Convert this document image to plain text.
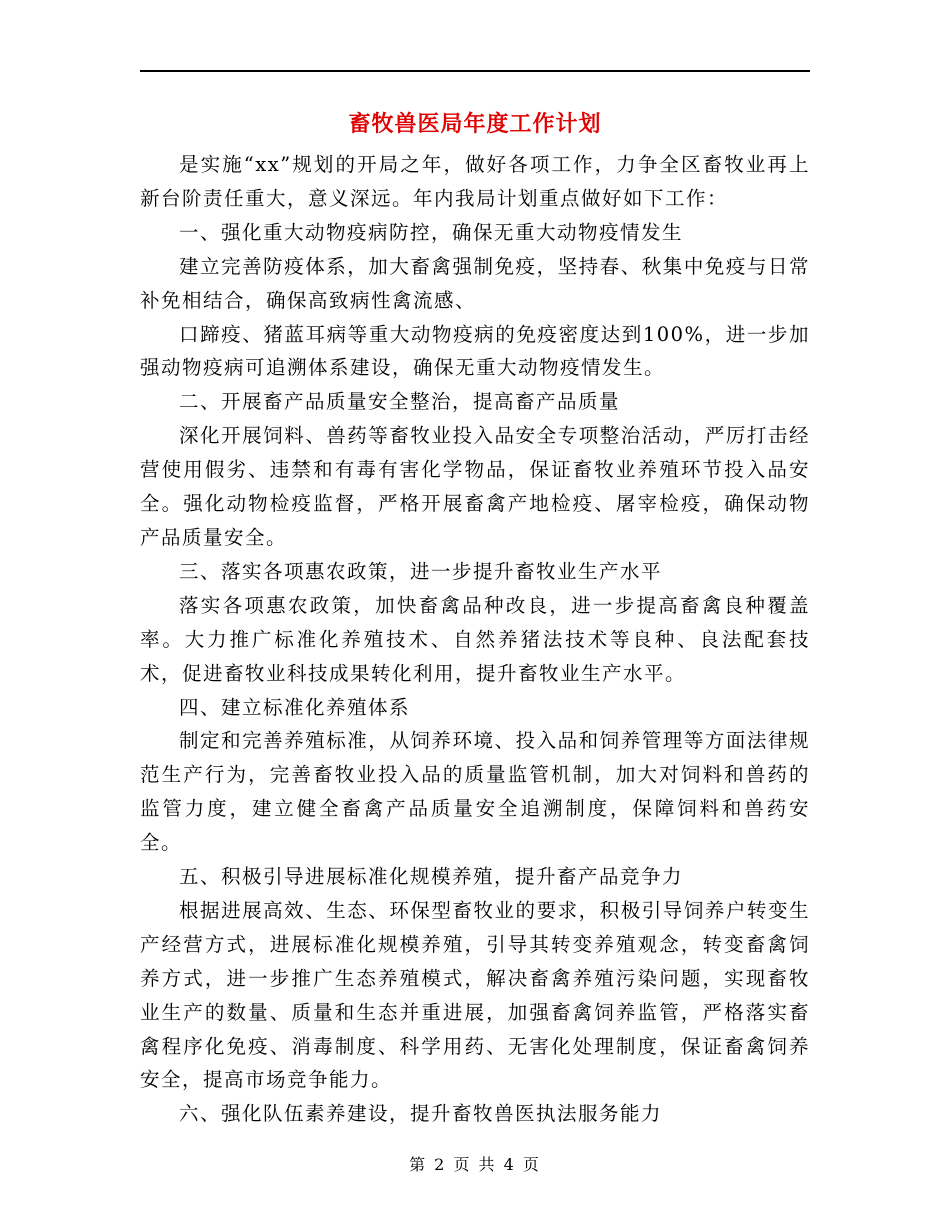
畜牧兽医局年度工作计划

是实施“xx”规划的开局之年，做好各项工作，力争全区畜牧业再上新台阶责任重大，意义深远。年内我局计划重点做好如下工作：

一、强化重大动物疫病防控，确保无重大动物疫情发生

建立完善防疫体系，加大畜禽强制免疫，坚持春、秋集中免疫与日常补免相结合，确保高致病性禽流感、

口蹄疫、猪蓝耳病等重大动物疫病的免疫密度达到100%，进一步加强动物疫病可追溯体系建设，确保无重大动物疫情发生。

二、开展畜产品质量安全整治，提高畜产品质量

深化开展饲料、兽药等畜牧业投入品安全专项整治活动，严厉打击经营使用假劣、违禁和有毒有害化学物品，保证畜牧业养殖环节投入品安全。强化动物检疫监督，严格开展畜禽产地检疫、屠宰检疫，确保动物产品质量安全。

三、落实各项惠农政策，进一步提升畜牧业生产水平

落实各项惠农政策，加快畜禽品种改良，进一步提高畜禽良种覆盖率。大力推广标准化养殖技术、自然养猪法技术等良种、良法配套技术，促进畜牧业科技成果转化利用，提升畜牧业生产水平。

四、建立标准化养殖体系

制定和完善养殖标准，从饲养环境、投入品和饲养管理等方面法律规范生产行为，完善畜牧业投入品的质量监管机制，加大对饲料和兽药的监管力度，建立健全畜禽产品质量安全追溯制度，保障饲料和兽药安全。

五、积极引导进展标准化规模养殖，提升畜产品竞争力

根据进展高效、生态、环保型畜牧业的要求，积极引导饲养户转变生产经营方式，进展标准化规模养殖，引导其转变养殖观念，转变畜禽饲养方式，进一步推广生态养殖模式，解决畜禽养殖污染问题，实现畜牧业生产的数量、质量和生态并重进展，加强畜禽饲养监管，严格落实畜禽程序化免疫、消毒制度、科学用药、无害化处理制度，保证畜禽饲养安全，提高市场竞争能力。

六、强化队伍素养建设，提升畜牧兽医执法服务能力

第 2 页 共 4 页
